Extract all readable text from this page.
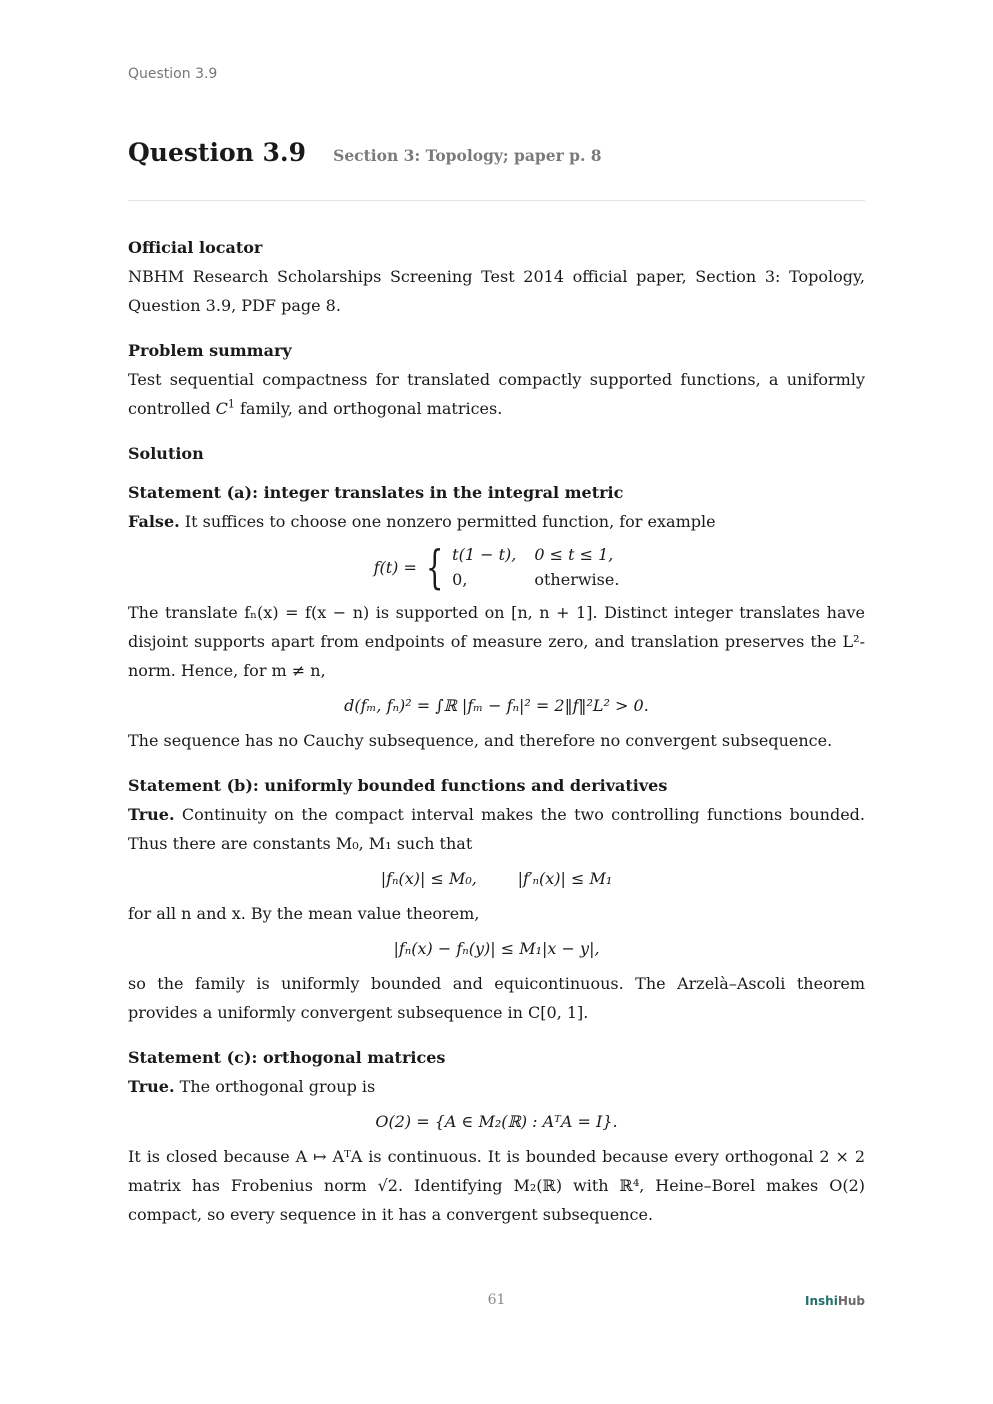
Question 3.9
Question 3.9 Section 3: Topology; paper p. 8

Official locator

NBHM Research Scholarships Screening Test 2014 official paper, Section 3: Topology, Question 3.9, PDF page 8.

Problem summary

Test sequential compactness for translated compactly supported functions, a uniformly controlled $C^1$ family, and orthogonal matrices.

Solution

Statement (a): integer translates in the integral metric

False. It suffices to choose one nonzero permitted function, for example

f(t) = { t(1 − t), 0 ≤ t ≤ 1,
0,	otherwise.

The translate fₙ(x) = f(x − n) is supported on [n, n + 1]. Distinct integer translates have disjoint supports apart from endpoints of measure zero, and translation preserves the L²-norm. Hence, for m ≠ n,

d(fₘ, fₙ)² = ∫ℝ |fₘ − fₙ|² = 2‖f‖²L² > 0.

The sequence has no Cauchy subsequence, and therefore no convergent subsequence.

Statement (b): uniformly bounded functions and derivatives

True. Continuity on the compact interval makes the two controlling functions bounded. Thus there are constants M₀, M₁ such that

|fₙ(x)| ≤ M₀,        |f′ₙ(x)| ≤ M₁

for all n and x. By the mean value theorem,

|fₙ(x) − fₙ(y)| ≤ M₁|x − y|,

so the family is uniformly bounded and equicontinuous. The Arzelà–Ascoli theorem provides a uniformly convergent subsequence in C[0, 1].

Statement (c): orthogonal matrices

True. The orthogonal group is

O(2) = {A ∈ M₂(ℝ) : AᵀA = I}.

It is closed because A ↦ AᵀA is continuous. It is bounded because every orthogonal 2 × 2 matrix has Frobenius norm √2. Identifying M₂(ℝ) with ℝ⁴, Heine–Borel makes O(2) compact, so every sequence in it has a convergent subsequence.

61	InshiHub
